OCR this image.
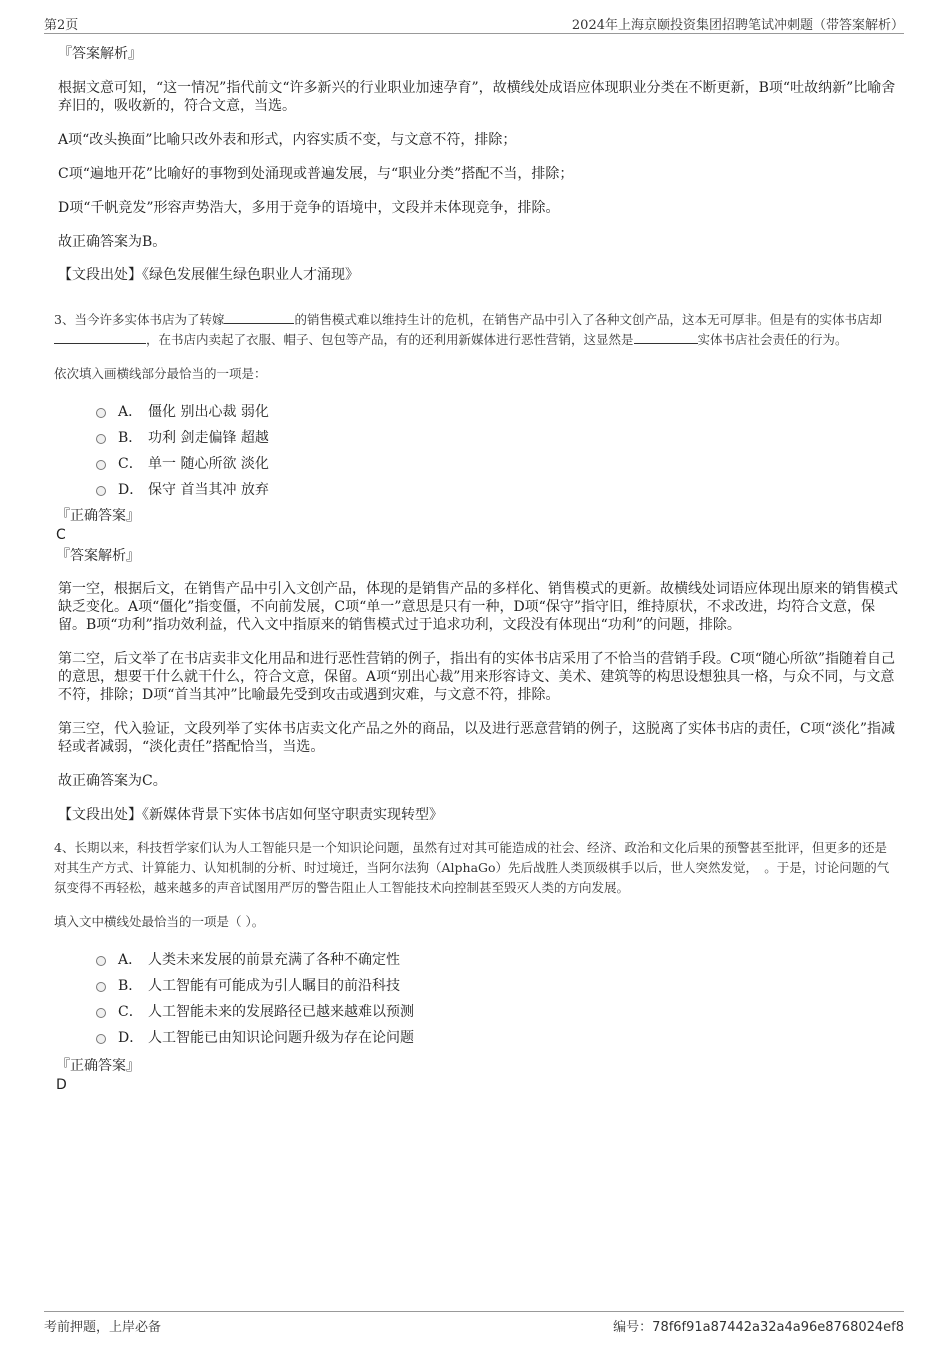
第2页	2024年上海京颐投资集团招聘笔试冲刺题（带答案解析）

『答案解析』

根据文意可知，“这一情况”指代前文“许多新兴的行业职业加速孕育”，故横线处成语应体现职业分类在不断更新，B项“吐故纳新”比喻舍弃旧的，吸收新的，符合文意，当选。

A项“改头换面”比喻只改外表和形式，内容实质不变，与文意不符，排除；

C项“遍地开花”比喻好的事物到处涌现或普遍发展，与“职业分类”搭配不当，排除；

D项“千帆竞发”形容声势浩大，多用于竞争的语境中，文段并未体现竞争，排除。

故正确答案为B。

【文段出处】《绿色发展催生绿色职业人才涌现》

3、当今许多实体书店为了转嫁	的销售模式难以维持生计的危机，在销售产品中引入了各种文创产品，这本无可厚非。但是有的实体书店却 ，在书店内卖起了衣服、帽子、包包等产品，有的还利用新媒体进行恶性营销，这显然是	实体书店社会责任的行为。

依次填入画横线部分最恰当的一项是：

A． 僵化 别出心裁 弱化
B． 功利 剑走偏锋 超越
C． 单一 随心所欲 淡化
D． 保守 首当其冲 放弃

『正确答案』

C

『答案解析』

第一空，根据后文，在销售产品中引入文创产品，体现的是销售产品的多样化、销售模式的更新。故横线处词语应体现出原来的销售模式缺乏变化。A项“僵化”指变僵，不向前发展，C项“单一”意思是只有一种，D项“保守”指守旧，维持原状，不求改进，均符合文意，保留。B项“功利”指功效利益，代入文中指原来的销售模式过于追求功利，文段没有体现出“功利”的问题，排除。

第二空，后文举了在书店卖非文化用品和进行恶性营销的例子，指出有的实体书店采用了不恰当的营销手段。C项“随心所欲”指随着自己的意思，想要干什么就干什么，符合文意，保留。A项“别出心裁”用来形容诗文、美术、建筑等的构思设想独具一格，与众不同，与文意不符，排除；D项“首当其冲”比喻最先受到攻击或遇到灾难，与文意不符，排除。

第三空，代入验证，文段列举了实体书店卖文化产品之外的商品，以及进行恶意营销的例子，这脱离了实体书店的责任，C项“淡化”指减轻或者减弱，“淡化责任”搭配恰当，当选。

故正确答案为C。

【文段出处】《新媒体背景下实体书店如何坚守职责实现转型》

4、长期以来，科技哲学家们认为人工智能只是一个知识论问题，虽然有过对其可能造成的社会、经济、政治和文化后果的预警甚至批评，但更多的还是对其生产方式、计算能力、认知机制的分析、时过境迁，当阿尔法狗（AlphaGo）先后战胜人类顶级棋手以后，世人突然发觉，　。于是，讨论问题的气氛变得不再轻松，越来越多的声音试图用严厉的警告阻止人工智能技术向控制甚至毁灭人类的方向发展。

填入文中横线处最恰当的一项是（ ）。

A． 人类未来发展的前景充满了各种不确定性
B． 人工智能有可能成为引人瞩目的前沿科技
C． 人工智能未来的发展路径已越来越难以预测
D． 人工智能已由知识论问题升级为存在论问题

『正确答案』

D

考前押题，上岸必备	编号：78f6f91a87442a32a4a96e8768024ef8
